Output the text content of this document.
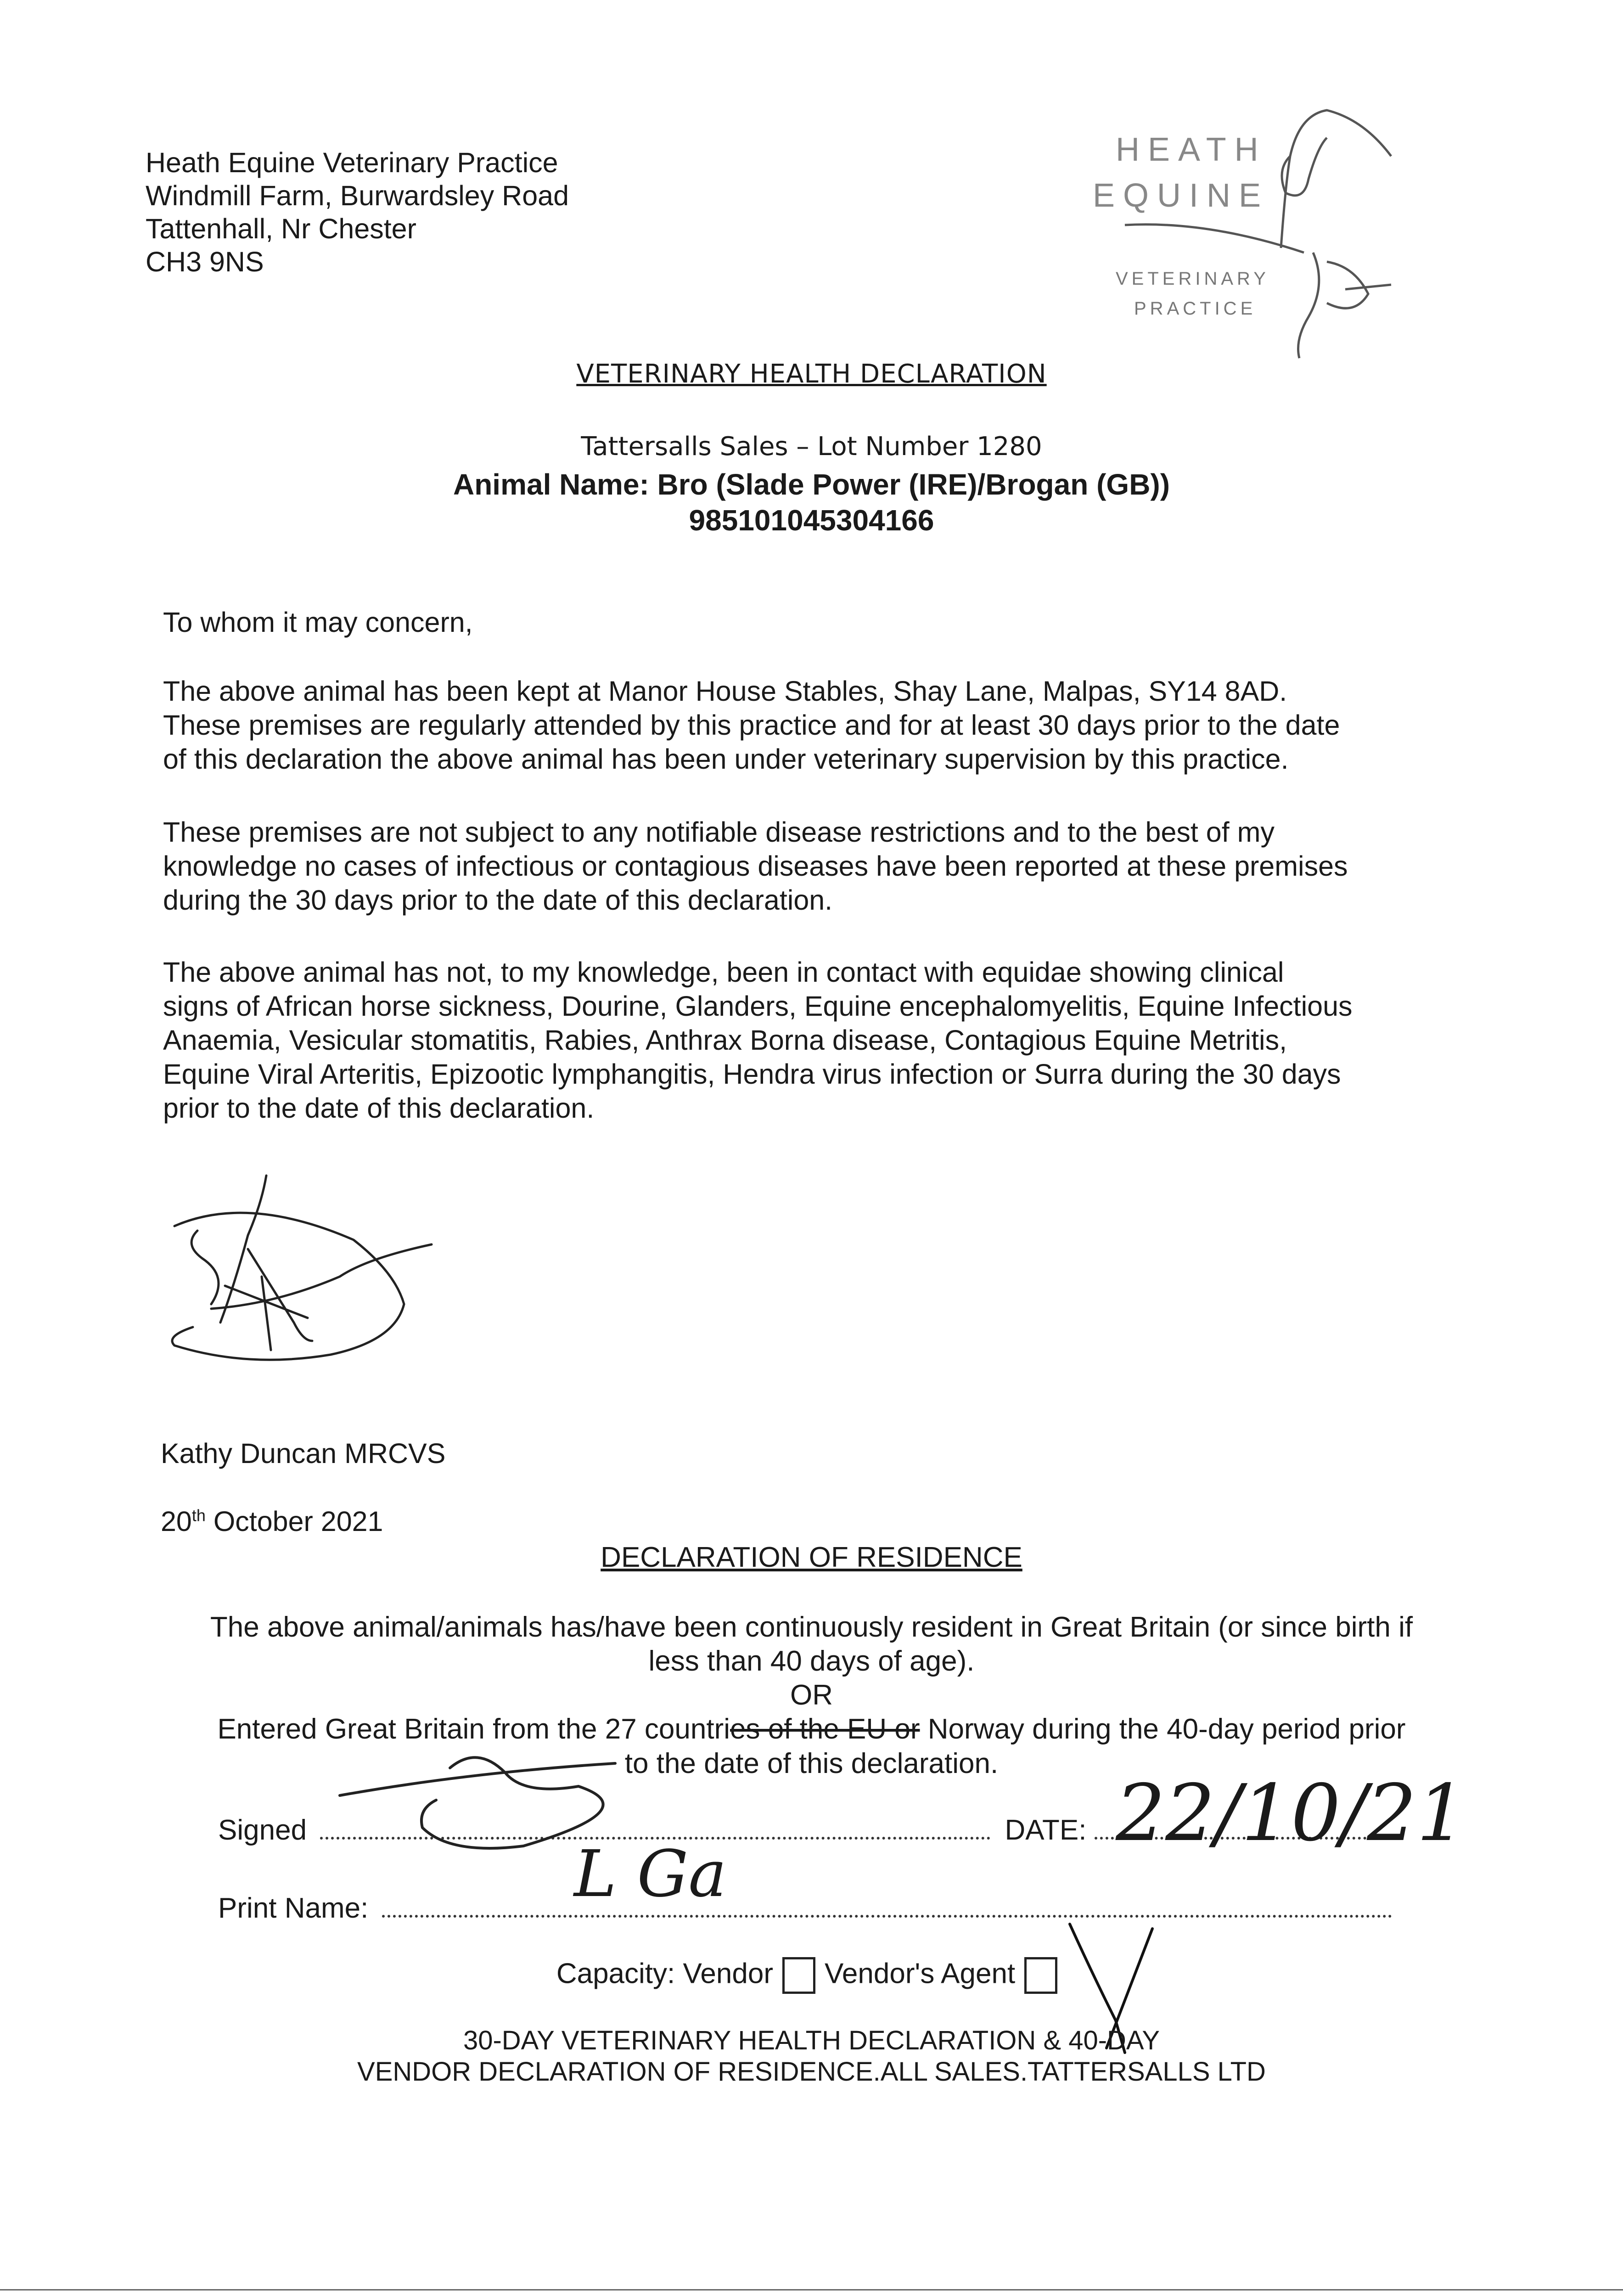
Heath Equine Veterinary Practice
Windmill Farm, Burwardsley Road
Tattenhall, Nr Chester
CH3 9NS
HEATH
EQUINE
VETERINARY
PRACTICE
VETERINARY HEALTH DECLARATION
Tattersalls Sales – Lot Number 1280
Animal Name: Bro (Slade Power (IRE)/Brogan (GB))
985101045304166
To whom it may concern,
The above animal has been kept at Manor House Stables, Shay Lane, Malpas, SY14 8AD.
These premises are regularly attended by this practice and for at least 30 days prior to the date
of this declaration the above animal has been under veterinary supervision by this practice.
These premises are not subject to any notifiable disease restrictions and to the best of my
knowledge no cases of infectious or contagious diseases have been reported at these premises
during the 30 days prior to the date of this declaration.
The above animal has not, to my knowledge, been in contact with equidae showing clinical
signs of African horse sickness, Dourine, Glanders, Equine encephalomyelitis, Equine Infectious
Anaemia, Vesicular stomatitis, Rabies, Anthrax Borna disease, Contagious Equine Metritis,
Equine Viral Arteritis, Epizootic lymphangitis, Hendra virus infection or Surra during the 30 days
prior to the date of this declaration.
Kathy Duncan MRCVS
20th October 2021
DECLARATION OF RESIDENCE
The above animal/animals has/have been continuously resident in Great Britain (or since birth if
less than 40 days of age).
OR
Entered Great Britain from the 27 countries of the EU or Norway during the 40-day period prior
to the date of this declaration.
Signed	DATE: 22/10/21
Print Name:	L Ga
Capacity: Vendor Vendor's Agent
30-DAY VETERINARY HEALTH DECLARATION & 40-DAY
VENDOR DECLARATION OF RESIDENCE.ALL SALES.TATTERSALLS LTD
